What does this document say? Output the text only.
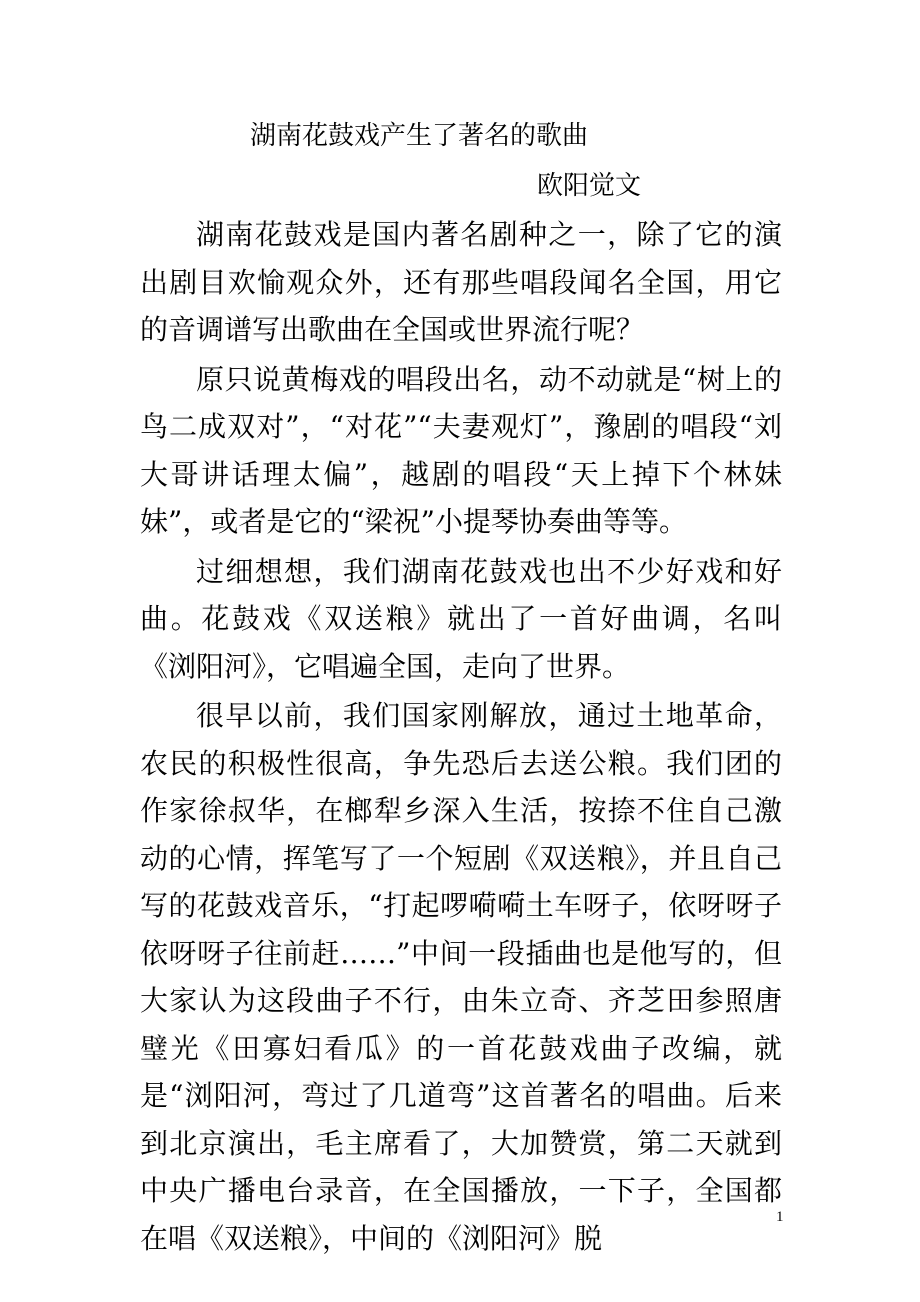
湖南花鼓戏产生了著名的歌曲
欧阳觉文

湖南花鼓戏是国内著名剧种之一，除了它的演出剧目欢愉观众外，还有那些唱段闻名全国，用它的音调谱写出歌曲在全国或世界流行呢？

原只说黄梅戏的唱段出名，动不动就是“树上的鸟二成双对”，“对花”“夫妻观灯”，豫剧的唱段“刘大哥讲话理太偏”，越剧的唱段“天上掉下个林妹妹”，或者是它的“梁祝”小提琴协奏曲等等。

过细想想，我们湖南花鼓戏也出不少好戏和好曲。花鼓戏《双送粮》就出了一首好曲调，名叫《浏阳河》，它唱遍全国，走向了世界。

很早以前，我们国家刚解放，通过土地革命，农民的积极性很高，争先恐后去送公粮。我们团的作家徐叔华，在榔犁乡深入生活，按捺不住自己激动的心情，挥笔写了一个短剧《双送粮》，并且自己写的花鼓戏音乐，“打起啰嗬嗬土车呀子，依呀呀子依呀呀子往前赶……”中间一段插曲也是他写的，但大家认为这段曲子不行，由朱立奇、齐芝田参照唐璧光《田寡妇看瓜》的一首花鼓戏曲子改编，就是“浏阳河，弯过了几道弯”这首著名的唱曲。后来到北京演出，毛主席看了，大加赞赏，第二天就到中央广播电台录音，在全国播放，一下子，全国都在唱《双送粮》，中间的《浏阳河》脱

1
